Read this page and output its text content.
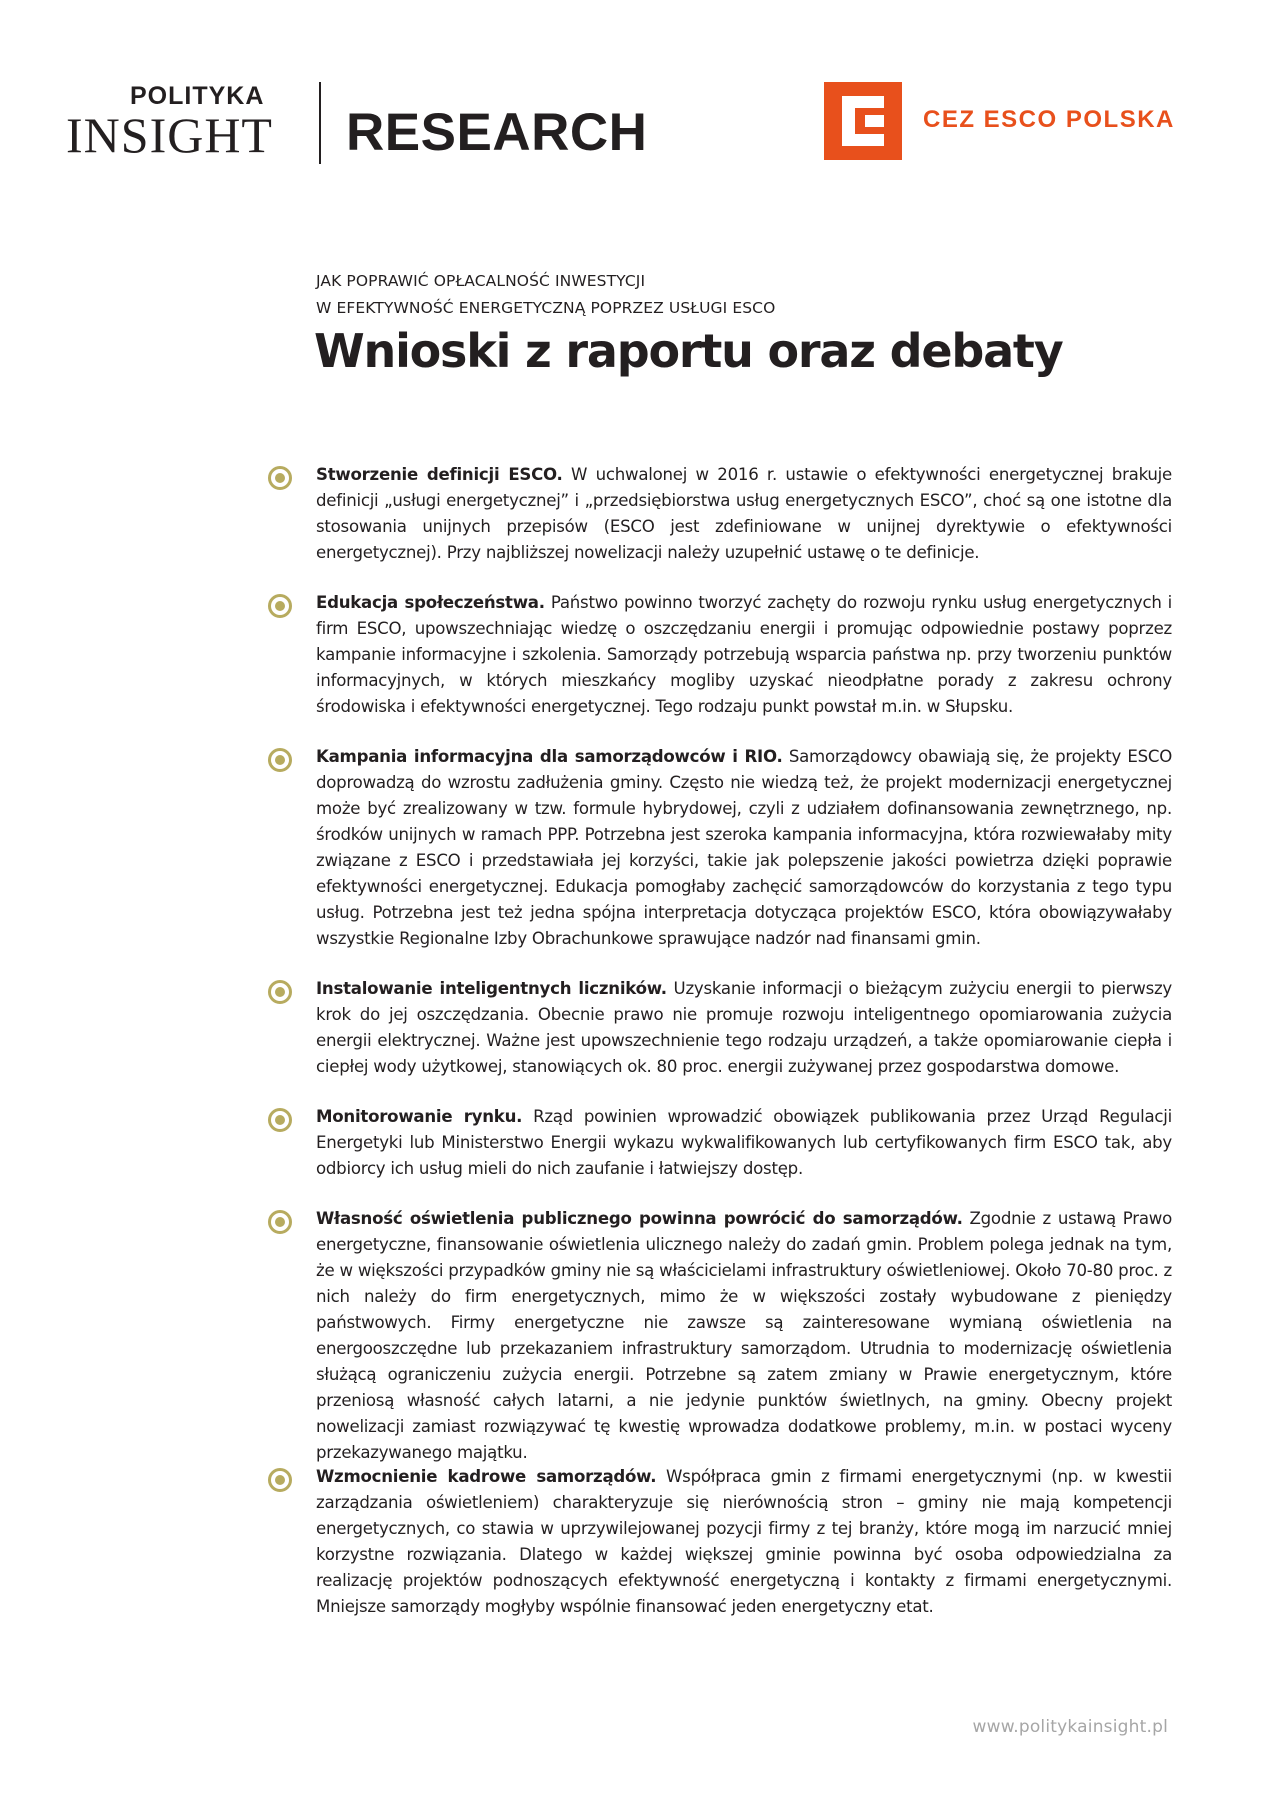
POLITYKA
INSIGHT RESEARCH	CEZ ESCO POLSKA
JAK POPRAWIĆ OPŁACALNOŚĆ INWESTYCJI
W EFEKTYWNOŚĆ ENERGETYCZNĄ POPRZEZ USŁUGI ESCO
Wnioski z raportu oraz debaty

Stworzenie definicji ESCO. W uchwalonej w 2016 r. ustawie o efektywności energetycznej brakuje definicji „usługi energetycznej” i „przedsiębiorstwa usług energetycznych ESCO”, choć są one istotne dla stosowania unijnych przepisów (ESCO jest zdefiniowane w unijnej dyrektywie o efektywności energetycznej). Przy najbliższej nowelizacji należy uzupełnić ustawę o te definicje.

Edukacja społeczeństwa. Państwo powinno tworzyć zachęty do rozwoju rynku usług energetycznych i firm ESCO, upowszechniając wiedzę o oszczędzaniu energii i promując odpowiednie postawy poprzez kampanie informacyjne i szkolenia. Samorządy potrzebują wsparcia państwa np. przy tworzeniu punktów informacyjnych, w których mieszkańcy mogliby uzyskać nieodpłatne porady z zakresu ochrony środowiska i efektywności energetycznej. Tego rodzaju punkt powstał m.in. w Słupsku.

Kampania informacyjna dla samorządowców i RIO. Samorządowcy obawiają się, że projekty ESCO doprowadzą do wzrostu zadłużenia gminy. Często nie wiedzą też, że projekt modernizacji energetycznej może być zrealizowany w tzw. formule hybrydowej, czyli z udziałem dofinansowania zewnętrznego, np. środków unijnych w ramach PPP. Potrzebna jest szeroka kampania informacyjna, która rozwiewałaby mity związane z ESCO i przedstawiała jej korzyści, takie jak polepszenie jakości powietrza dzięki poprawie efektywności energetycznej. Edukacja pomogłaby zachęcić samorządowców do korzystania z tego typu usług. Potrzebna jest też jedna spójna interpretacja dotycząca projektów ESCO, która obowiązywałaby wszystkie Regionalne Izby Obrachunkowe sprawujące nadzór nad finansami gmin.

Instalowanie inteligentnych liczników. Uzyskanie informacji o bieżącym zużyciu energii to pierwszy krok do jej oszczędzania. Obecnie prawo nie promuje rozwoju inteligentnego opomiarowania zużycia energii elektrycznej. Ważne jest upowszechnienie tego rodzaju urządzeń, a także opomiarowanie ciepła i ciepłej wody użytkowej, stanowiących ok. 80 proc. energii zużywanej przez gospodarstwa domowe.

Monitorowanie rynku. Rząd powinien wprowadzić obowiązek publikowania przez Urząd Regulacji Energetyki lub Ministerstwo Energii wykazu wykwalifikowanych lub certyfikowanych firm ESCO tak, aby odbiorcy ich usług mieli do nich zaufanie i łatwiejszy dostęp.

Własność oświetlenia publicznego powinna powrócić do samorządów. Zgodnie z ustawą Prawo energetyczne, finansowanie oświetlenia ulicznego należy do zadań gmin. Problem polega jednak na tym, że w większości przypadków gminy nie są właścicielami infrastruktury oświetleniowej. Około 70-80 proc. z nich należy do firm energetycznych, mimo że w większości zostały wybudowane z pieniędzy państwowych. Firmy energetyczne nie zawsze są zainteresowane wymianą oświetlenia na energooszczędne lub przekazaniem infrastruktury samorządom. Utrudnia to modernizację oświetlenia służącą ograniczeniu zużycia energii. Potrzebne są zatem zmiany w Prawie energetycznym, które przeniosą własność całych latarni, a nie jedynie punktów świetlnych, na gminy. Obecny projekt nowelizacji zamiast rozwiązywać tę kwestię wprowadza dodatkowe problemy, m.in. w postaci wyceny przekazywanego majątku.

Wzmocnienie kadrowe samorządów. Współpraca gmin z firmami energetycznymi (np. w kwestii zarządzania oświetleniem) charakteryzuje się nierównością stron – gminy nie mają kompetencji energetycznych, co stawia w uprzywilejowanej pozycji firmy z tej branży, które mogą im narzucić mniej korzystne rozwiązania. Dlatego w każdej większej gminie powinna być osoba odpowiedzialna za realizację projektów podnoszących efektywność energetyczną i kontakty z firmami energetycznymi. Mniejsze samorządy mogłyby wspólnie finansować jeden energetyczny etat.

www.politykainsight.pl
